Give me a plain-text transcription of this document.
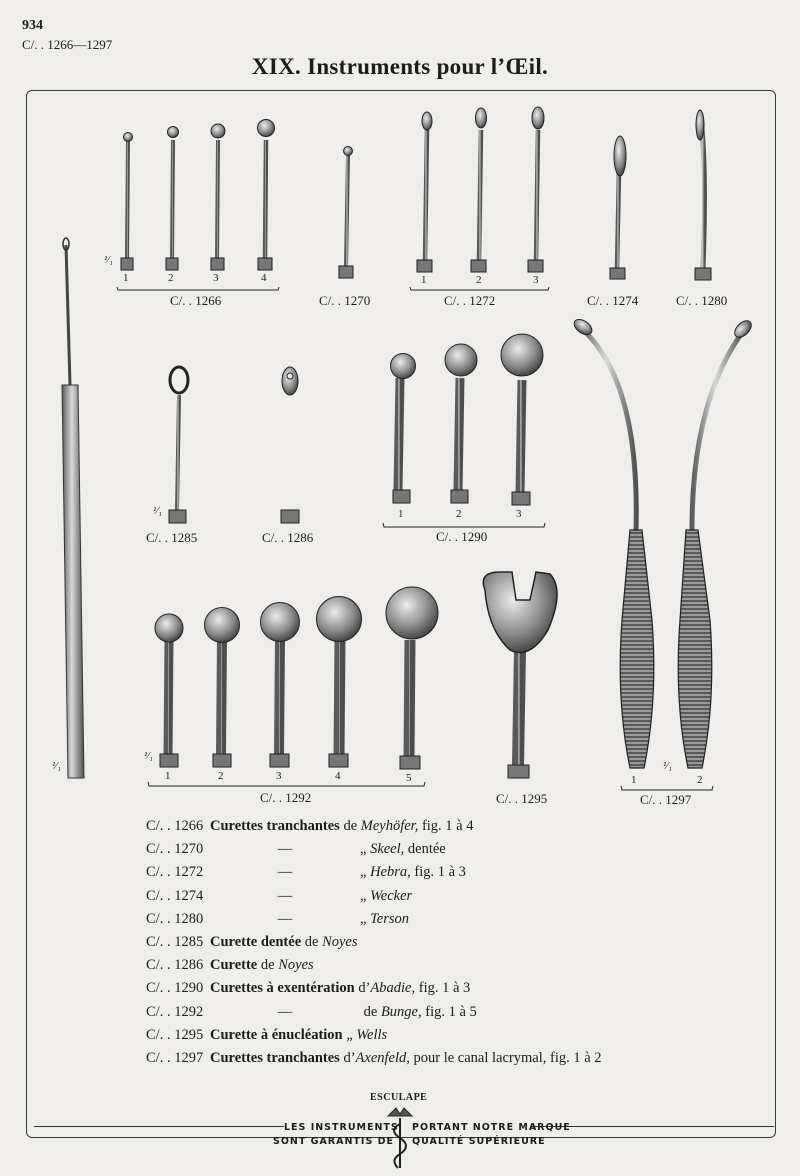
934
C/. . 1266—1297
XIX. Instruments pour l’Œil.
¹⁄₁
1	2	3	4
C/. . 1266	C/. . 1270
1	2	3
C/. . 1272	C/. . 1274	C/. . 1280
¹⁄₁
C/. . 1285	C/. . 1286
1	2	3
C/. . 1290
¹⁄₁
¹⁄₁
1	2	3	4	5
C/. . 1292	C/. . 1295
¹⁄₁
1	2
C/. . 1297
C/. . 1266 Curettes tranchantes de Meyhöfer, fig. 1 à 4
C/. . 1270	—	„ Skeel, dentée
C/. . 1272	—	„ Hebra, fig. 1 à 3
C/. . 1274	—	„ Wecker
C/. . 1280	—	„ Terson
C/. . 1285 Curette dentée de Noyes
C/. . 1286 Curette de Noyes
C/. . 1290 Curettes à exentération d’Abadie, fig. 1 à 3
C/. . 1292	—	de Bunge, fig. 1 à 5
C/. . 1295 Curette à énucléation „ Wells
C/. . 1297 Curettes tranchantes d’Axenfeld, pour le canal lacrymal, fig. 1 à 2
ESCULAPE
LES INSTRUMENTS PORTANT NOTRE MARQUE
SONT GARANTIS DE QUALITÉ SUPÉRIEURE
